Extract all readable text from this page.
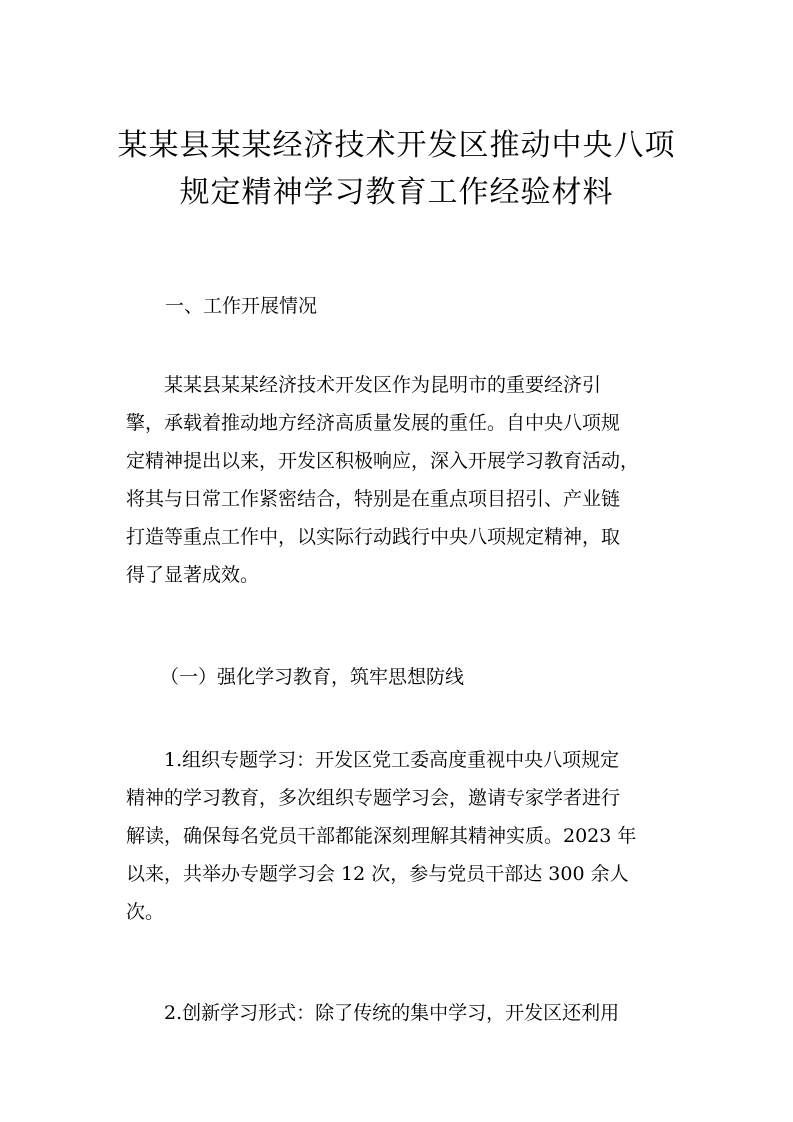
某某县某某经济技术开发区推动中央八项
规定精神学习教育工作经验材料
一、工作开展情况
　　某某县某某经济技术开发区作为昆明市的重要经济引
擎，承载着推动地方经济高质量发展的重任。自中央八项规
定精神提出以来，开发区积极响应，深入开展学习教育活动，
将其与日常工作紧密结合，特别是在重点项目招引、产业链
打造等重点工作中，以实际行动践行中央八项规定精神，取
得了显著成效。
（一）强化学习教育，筑牢思想防线
　　1.组织专题学习：开发区党工委高度重视中央八项规定
精神的学习教育，多次组织专题学习会，邀请专家学者进行
解读，确保每名党员干部都能深刻理解其精神实质。2023 年
以来，共举办专题学习会 12 次，参与党员干部达 300 余人
次。
　　2.创新学习形式：除了传统的集中学习，开发区还利用
